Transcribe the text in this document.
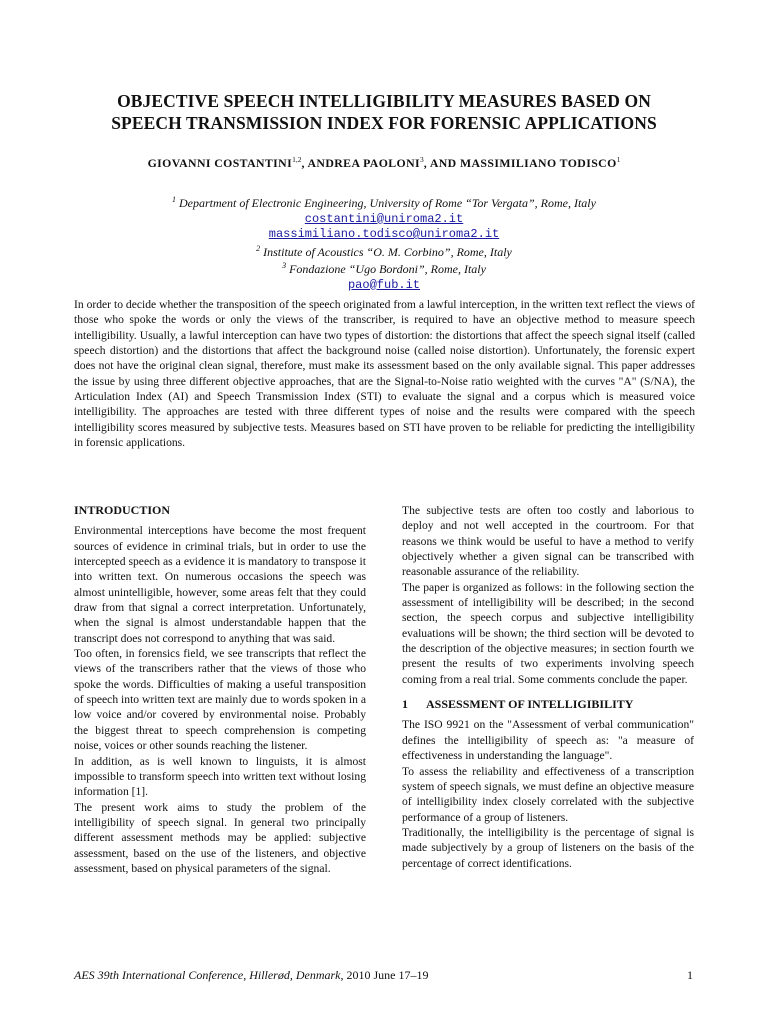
OBJECTIVE SPEECH INTELLIGIBILITY MEASURES BASED ON
SPEECH TRANSMISSION INDEX FOR FORENSIC APPLICATIONS
GIOVANNI COSTANTINI$^{1,2}$, ANDREA PAOLONI$^3$, AND MASSIMILIANO TODISCO$^1$
$^1$ Department of Electronic Engineering, University of Rome “Tor Vergata”, Rome, Italy
costantini@uniroma2.it
massimiliano.todisco@uniroma2.it
$^2$ Institute of Acoustics “O. M. Corbino”, Rome, Italy
$^3$ Fondazione “Ugo Bordoni”, Rome, Italy
pao@fub.it
In order to decide whether the transposition of the speech originated from a lawful interception, in the written text reflect the views of those who spoke the words or only the views of the transcriber, is required to have an objective method to measure speech intelligibility. Usually, a lawful interception can have two types of distortion: the distortions that affect the speech signal itself (called speech distortion) and the distortions that affect the background noise (called noise distortion). Unfortunately, the forensic expert does not have the original clean signal, therefore, must make its assessment based on the only available signal. This paper addresses the issue by using three different objective approaches, that are the Signal-to-Noise ratio weighted with the curves "A" (S/NA), the Articulation Index (AI) and Speech Transmission Index (STI) to evaluate the signal and a corpus which is measured voice intelligibility. The approaches are tested with three different types of noise and the results were compared with the speech intelligibility scores measured by subjective tests. Measures based on STI have proven to be reliable for predicting the intelligibility in forensic applications.
INTRODUCTION

Environmental interceptions have become the most frequent sources of evidence in criminal trials, but in order to use the intercepted speech as a evidence it is mandatory to transpose it into written text. On numerous occasions the speech was almost unintelligible, however, some areas felt that they could draw from that signal a correct interpretation. Unfortunately, when the signal is almost understandable happen that the transcript does not correspond to anything that was said.

Too often, in forensics field, we see transcripts that reflect the views of the transcribers rather that the views of those who spoke the words. Difficulties of making a useful transposition of speech into written text are mainly due to words spoken in a low voice and/or covered by environmental noise. Probably the biggest threat to speech comprehension is competing noise, voices or other sounds reaching the listener.

In addition, as is well known to linguists, it is almost impossible to transform speech into written text without losing information [1].

The present work aims to study the problem of the intelligibility of speech signal. In general two principally different assessment methods may be applied: subjective assessment, based on the use of the listeners, and objective assessment, based on physical parameters of the signal.

The subjective tests are often too costly and laborious to deploy and not well accepted in the courtroom. For that reasons we think would be useful to have a method to verify objectively whether a given signal can be transcribed with reasonable assurance of the reliability.

The paper is organized as follows: in the following section the assessment of intelligibility will be described; in the second section, the speech corpus and subjective intelligibility evaluations will be shown; the third section will be devoted to the description of the objective measures; in section fourth we present the results of two experiments involving speech coming from a real trial. Some comments conclude the paper.

1 ASSESSMENT OF INTELLIGIBILITY

The ISO 9921 on the "Assessment of verbal communication" defines the intelligibility of speech as: "a measure of effectiveness in understanding the language".

To assess the reliability and effectiveness of a transcription system of speech signals, we must define an objective measure of intelligibility index closely correlated with the subjective performance of a group of listeners.

Traditionally, the intelligibility is the percentage of signal is made subjectively by a group of listeners on the basis of the percentage of correct identifications.

AES 39th International Conference, Hillerød, Denmark, 2010 June 17–19	1
